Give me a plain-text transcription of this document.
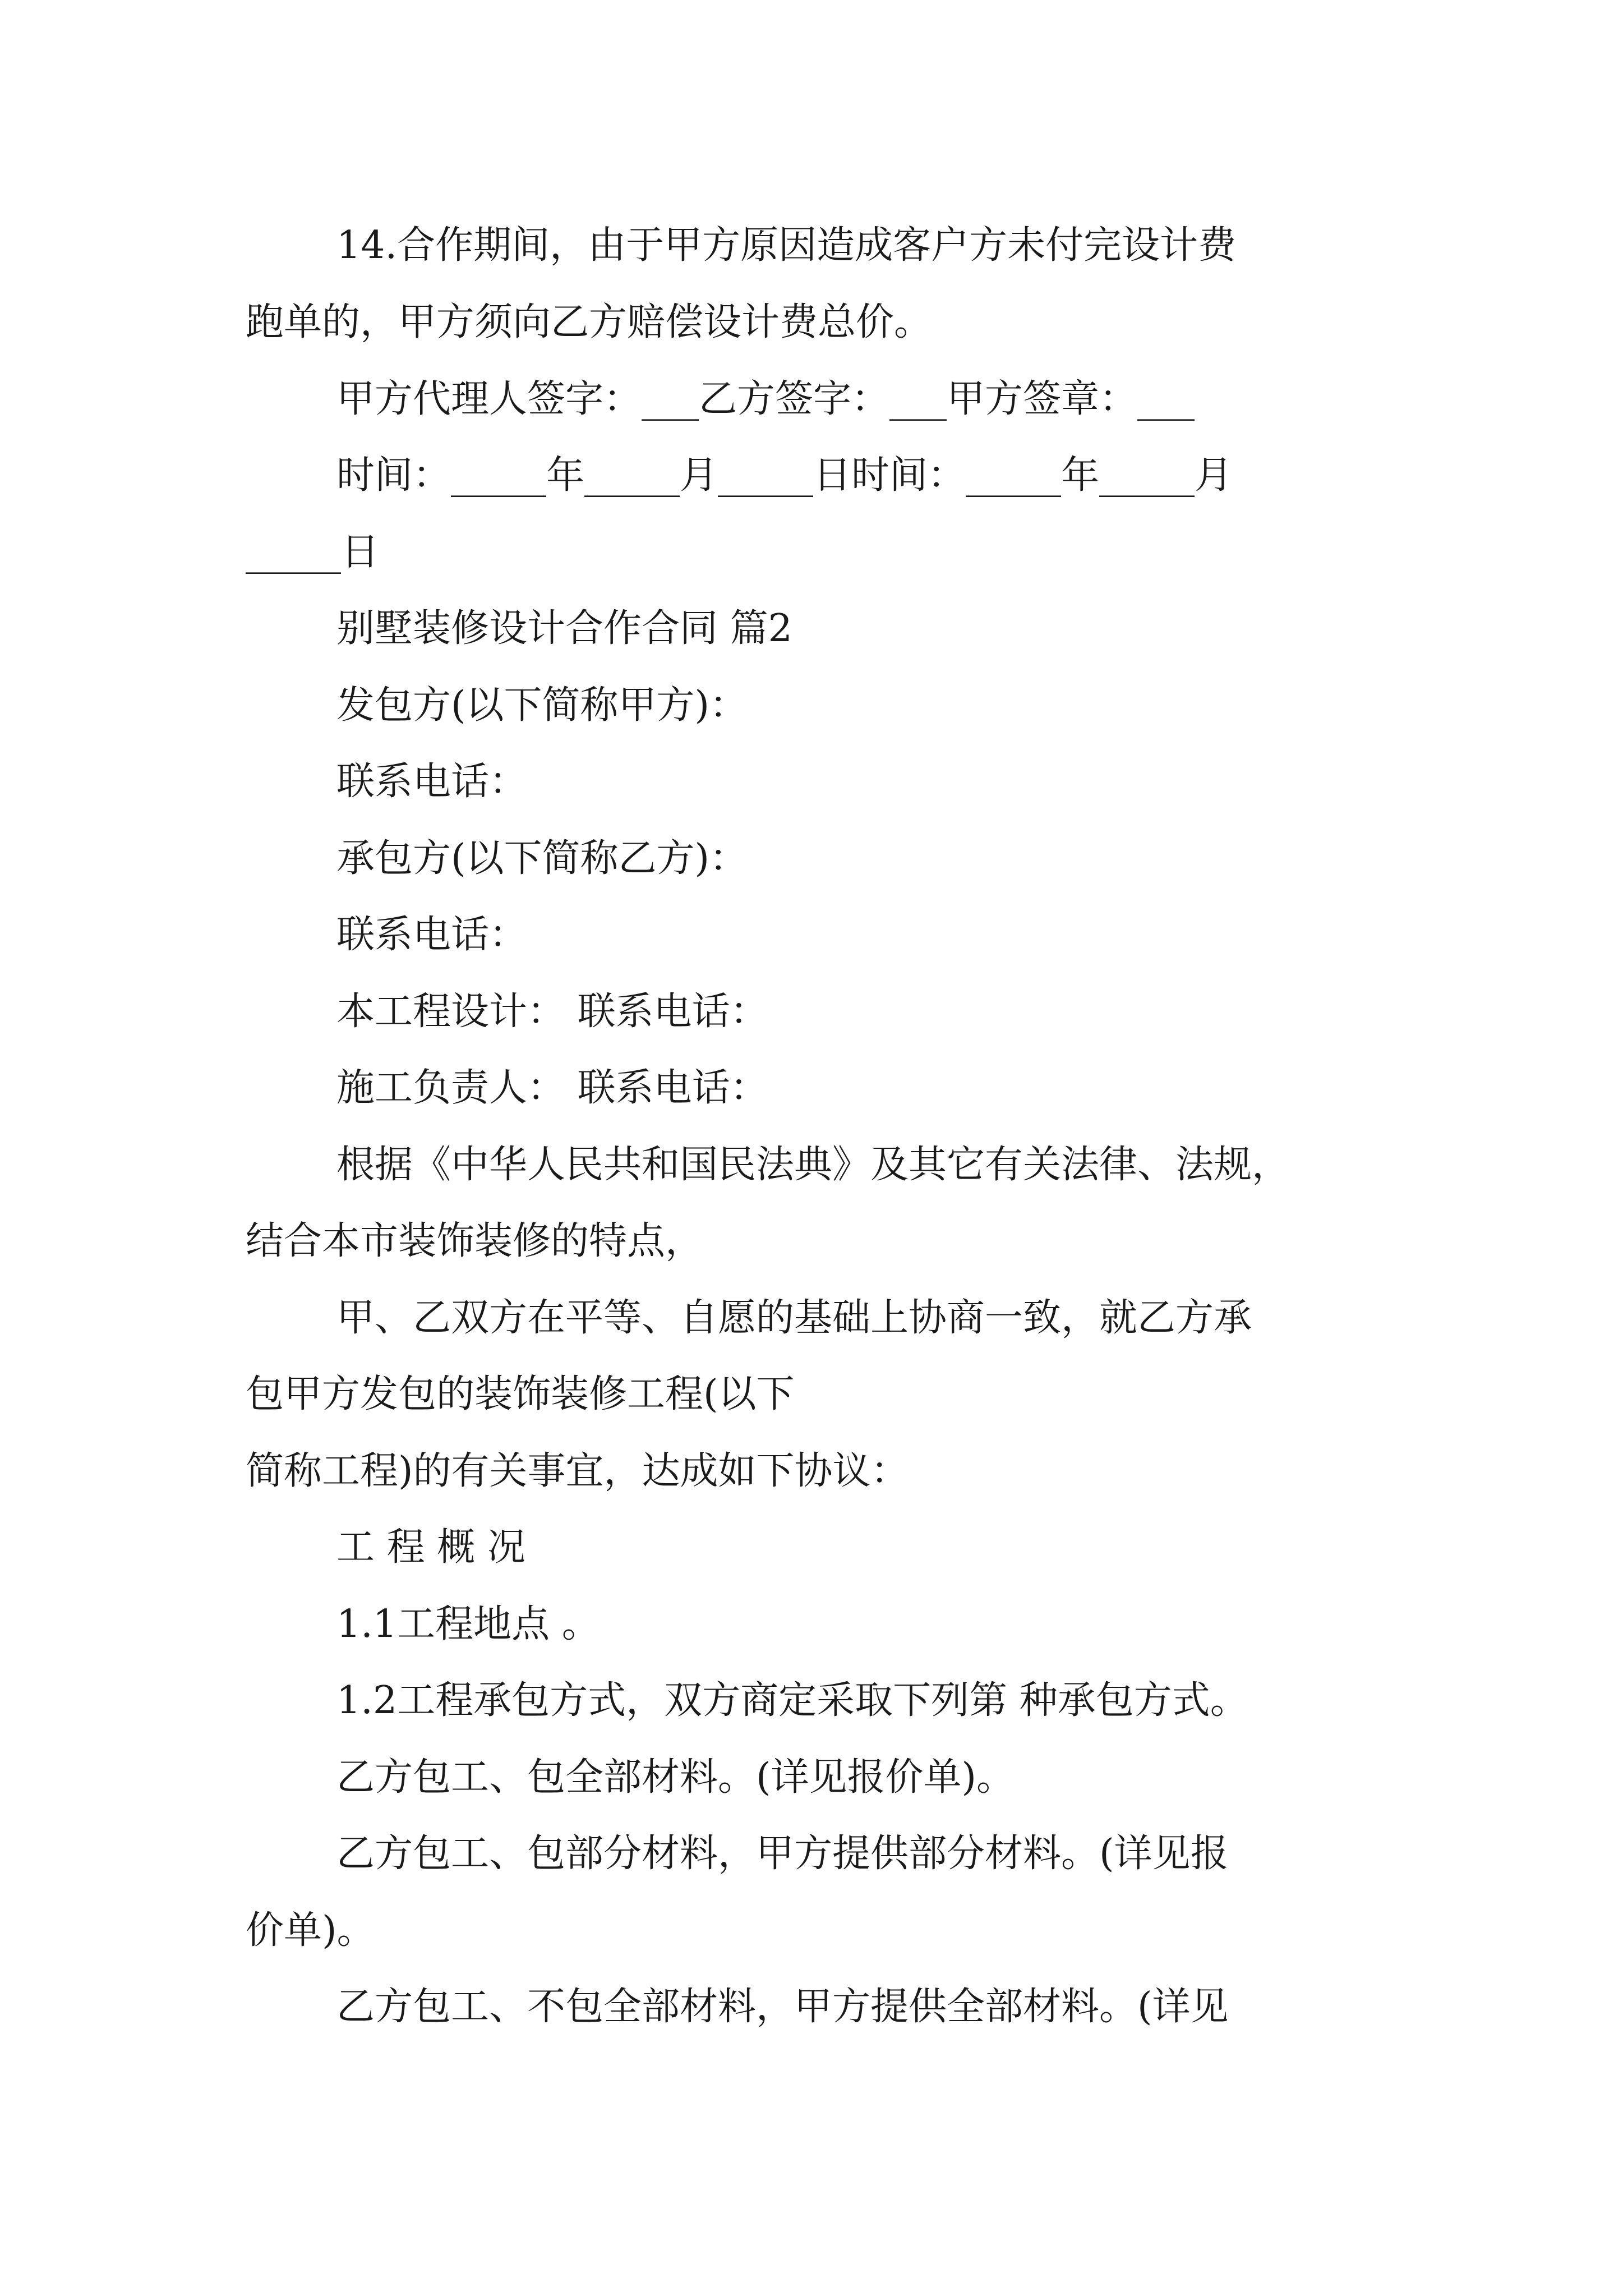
14.合作期间，由于甲方原因造成客户方未付完设计费

跑单的，甲方须向乙方赔偿设计费总价。

甲方代理人签字：___乙方签字：___甲方签章：___

时间：_____年_____月_____日时间：_____年_____月

_____日

别墅装修设计合作合同 篇2

发包方(以下简称甲方)：

联系电话：

承包方(以下简称乙方)：

联系电话：

本工程设计： 联系电话：

施工负责人： 联系电话：

根据《中华人民共和国民法典》及其它有关法律、法规，

结合本市装饰装修的特点，

甲、乙双方在平等、自愿的基础上协商一致，就乙方承

包甲方发包的装饰装修工程(以下

简称工程)的有关事宜，达成如下协议：

工 程 概 况

1.1工程地点 。

1.2工程承包方式，双方商定采取下列第 种承包方式。

乙方包工、包全部材料。(详见报价单)。

乙方包工、包部分材料，甲方提供部分材料。(详见报

价单)。

乙方包工、不包全部材料，甲方提供全部材料。(详见
